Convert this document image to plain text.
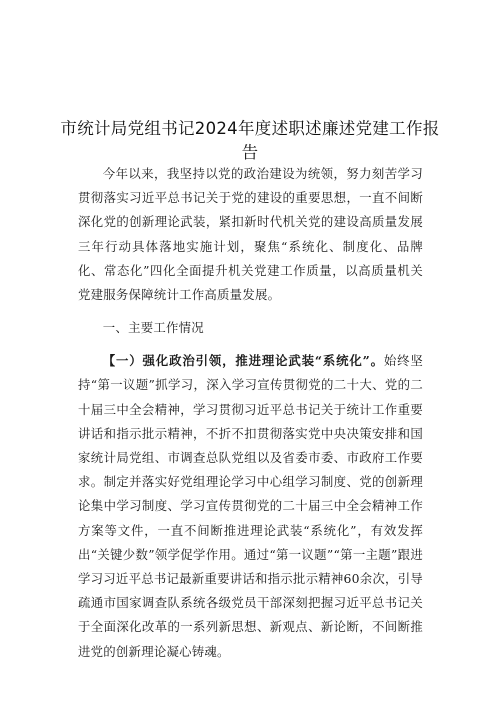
市统计局党组书记2024年度述职述廉述党建工作报告

今年以来，我坚持以党的政治建设为统领，努力刻苦学习贯彻落实习近平总书记关于党的建设的重要思想，一直不间断深化党的创新理论武装，紧扣新时代机关党的建设高质量发展三年行动具体落地实施计划，聚焦“系统化、制度化、品牌化、常态化”四化全面提升机关党建工作质量，以高质量机关党建服务保障统计工作高质量发展。

一、主要工作情况

【一）强化政治引领，推进理论武装“系统化”。始终坚持“第一议题”抓学习，深入学习宣传贯彻党的二十大、党的二十届三中全会精神，学习贯彻习近平总书记关于统计工作重要讲话和指示批示精神，不折不扣贯彻落实党中央决策安排和国家统计局党组、市调查总队党组以及省委市委、市政府工作要求。制定并落实好党组理论学习中心组学习制度、党的创新理论集中学习制度、学习宣传贯彻党的二十届三中全会精神工作方案等文件，一直不间断推进理论武装“系统化”，有效发挥出“关键少数”领学促学作用。通过“第一议题”“第一主题”跟进学习习近平总书记最新重要讲话和指示批示精神60余次，引导疏通市国家调查队系统各级党员干部深刻把握习近平总书记关于全面深化改革的一系列新思想、新观点、新论断，不间断推进党的创新理论凝心铸魂。
